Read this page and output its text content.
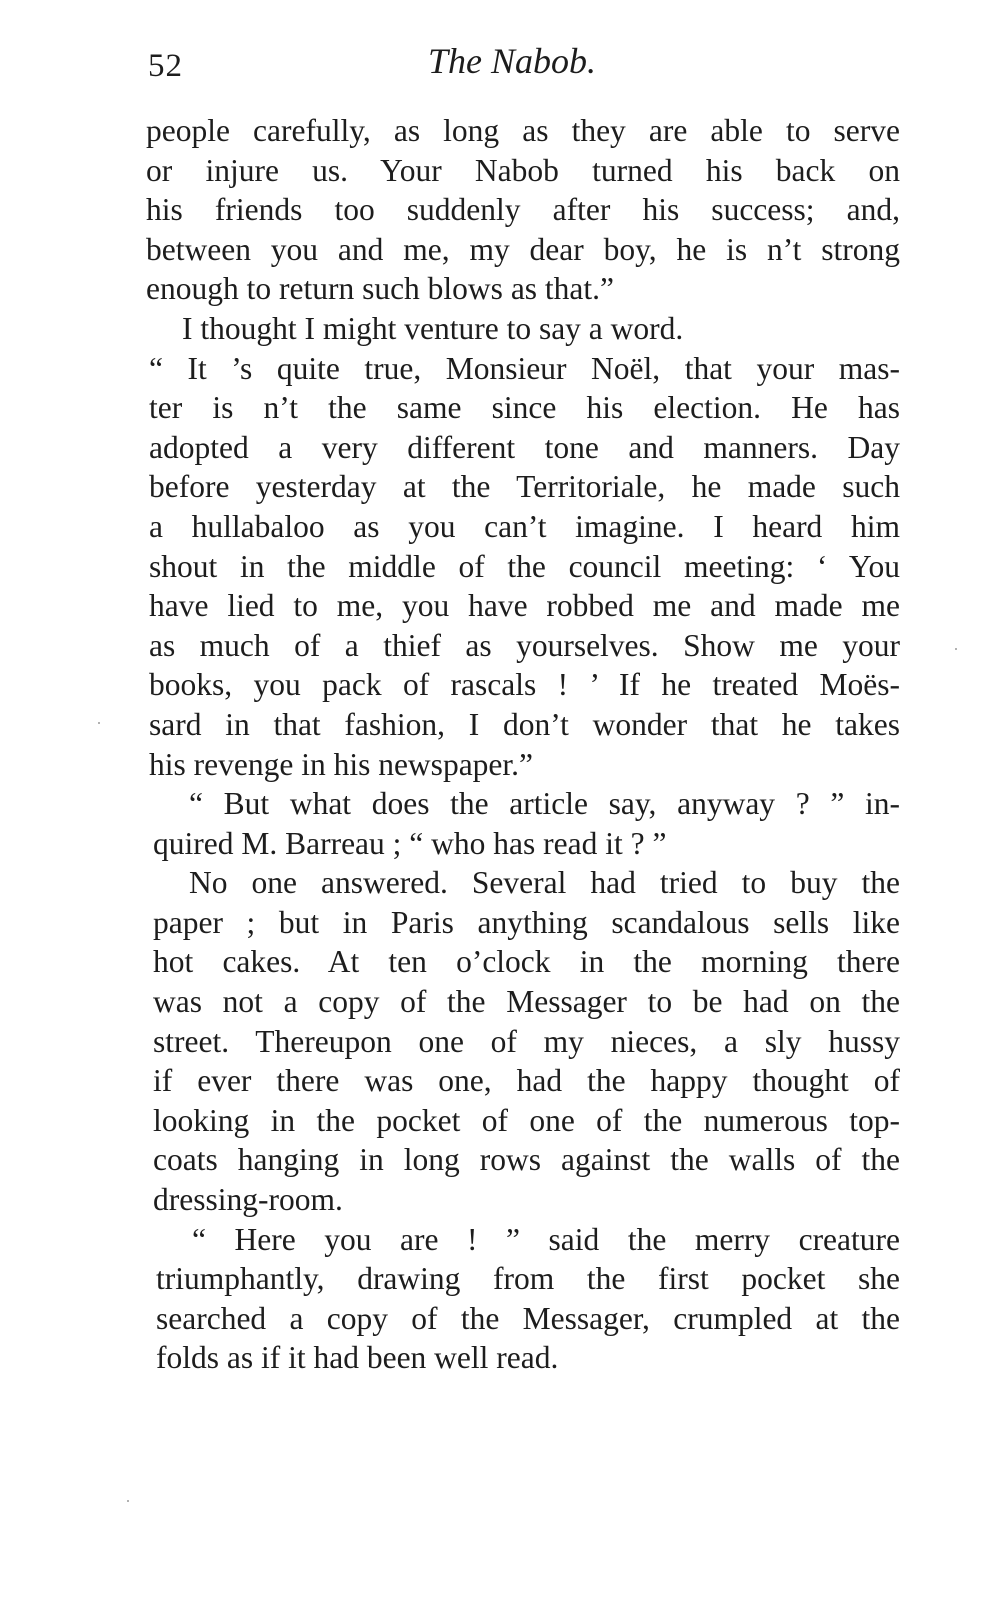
52	The Nabob.
people carefully, as long as they are able to serve
or injure us. Your Nabob turned his back on
his friends too suddenly after his success; and,
between you and me, my dear boy, he is n’t strong
enough to return such blows as that.”
I thought I might venture to say a word.
“ It ’s quite true, Monsieur Noël, that your mas-
ter is n’t the same since his election. He has
adopted a very different tone and manners. Day
before yesterday at the Territoriale, he made such
a hullabaloo as you can’t imagine. I heard him
shout in the middle of the council meeting: ‘ You
have lied to me, you have robbed me and made me
as much of a thief as yourselves. Show me your
books, you pack of rascals ! ’ If he treated Moës-
sard in that fashion, I don’t wonder that he takes
his revenge in his newspaper.”
“ But what does the article say, anyway ? ” in-
quired M. Barreau ; “ who has read it ? ”
No one answered. Several had tried to buy the
paper ; but in Paris anything scandalous sells like
hot cakes. At ten o’clock in the morning there
was not a copy of the Messager to be had on the
street. Thereupon one of my nieces, a sly hussy
if ever there was one, had the happy thought of
looking in the pocket of one of the numerous top-
coats hanging in long rows against the walls of the
dressing-room.
“ Here you are ! ” said the merry creature
triumphantly, drawing from the first pocket she
searched a copy of the Messager, crumpled at the
folds as if it had been well read.
